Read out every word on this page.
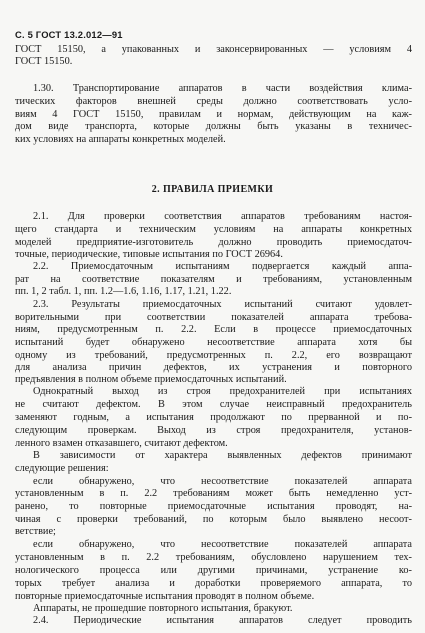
С. 5 ГОСТ 13.2.012—91
2. ПРАВИЛА ПРИЕМКИ
ГОСТ 15150, а упакованных и законсервированных — условиям 4
ГОСТ 15150.
1.30. Транспортирование аппаратов в части воздействия клима-
тических факторов внешней среды должно соответствовать усло-
виям 4 ГОСТ 15150, правилам и нормам, действующим на каж-
дом виде транспорта, которые должны быть указаны в техничес-
ких условиях на аппараты конкретных моделей.
2.1. Для проверки соответствия аппаратов требованиям настоя-
щего стандарта и техническим условиям на аппараты конкретных
моделей предприятие-изготовитель должно проводить приемосдаточ-
точные, периодические, типовые испытания по ГОСТ 26964.
2.2. Приемосдаточным испытаниям подвергается каждый аппа-
рат на соответствие показателям и требованиям, установленным
пп. 1, 2 табл. 1, пп. 1.2—1.6, 1.16, 1.17, 1.21, 1.22.
2.3. Результаты приемосдаточных испытаний считают удовлет-
ворительными при соответствии показателей аппарата требова-
ниям, предусмотренным п. 2.2. Если в процессе приемосдаточных
испытаний будет обнаружено несоответствие аппарата хотя бы
одному из требований, предусмотренных п. 2.2, его возвращают
для анализа причин дефектов, их устранения и повторного
предъявления в полном объеме приемосдаточных испытаний.
Однократный выход из строя предохранителей при испытаниях
не считают дефектом. В этом случае неисправный предохранитель
заменяют годным, а испытания продолжают по прерванной и по-
следующим проверкам. Выход из строя предохранителя, установ-
ленного взамен отказавшего, считают дефектом.
В зависимости от характера выявленных дефектов принимают
следующие решения:
если обнаружено, что несоответствие показателей аппарата
установленным в п. 2.2 требованиям может быть немедленно уст-
ранено, то повторные приемосдаточные испытания проводят, на-
чиная с проверки требований, по которым было выявлено несоот-
ветствие;
если обнаружено, что несоответствие показателей аппарата
установленным в п. 2.2 требованиям, обусловлено нарушением тех-
нологического процесса или другими причинами, устранение ко-
торых требует анализа и доработки проверяемого аппарата, то
повторные приемосдаточные испытания проводят в полном объеме.
Аппараты, не прошедшие повторного испытания, бракуют.
2.4. Периодические испытания аппаратов следует проводить
